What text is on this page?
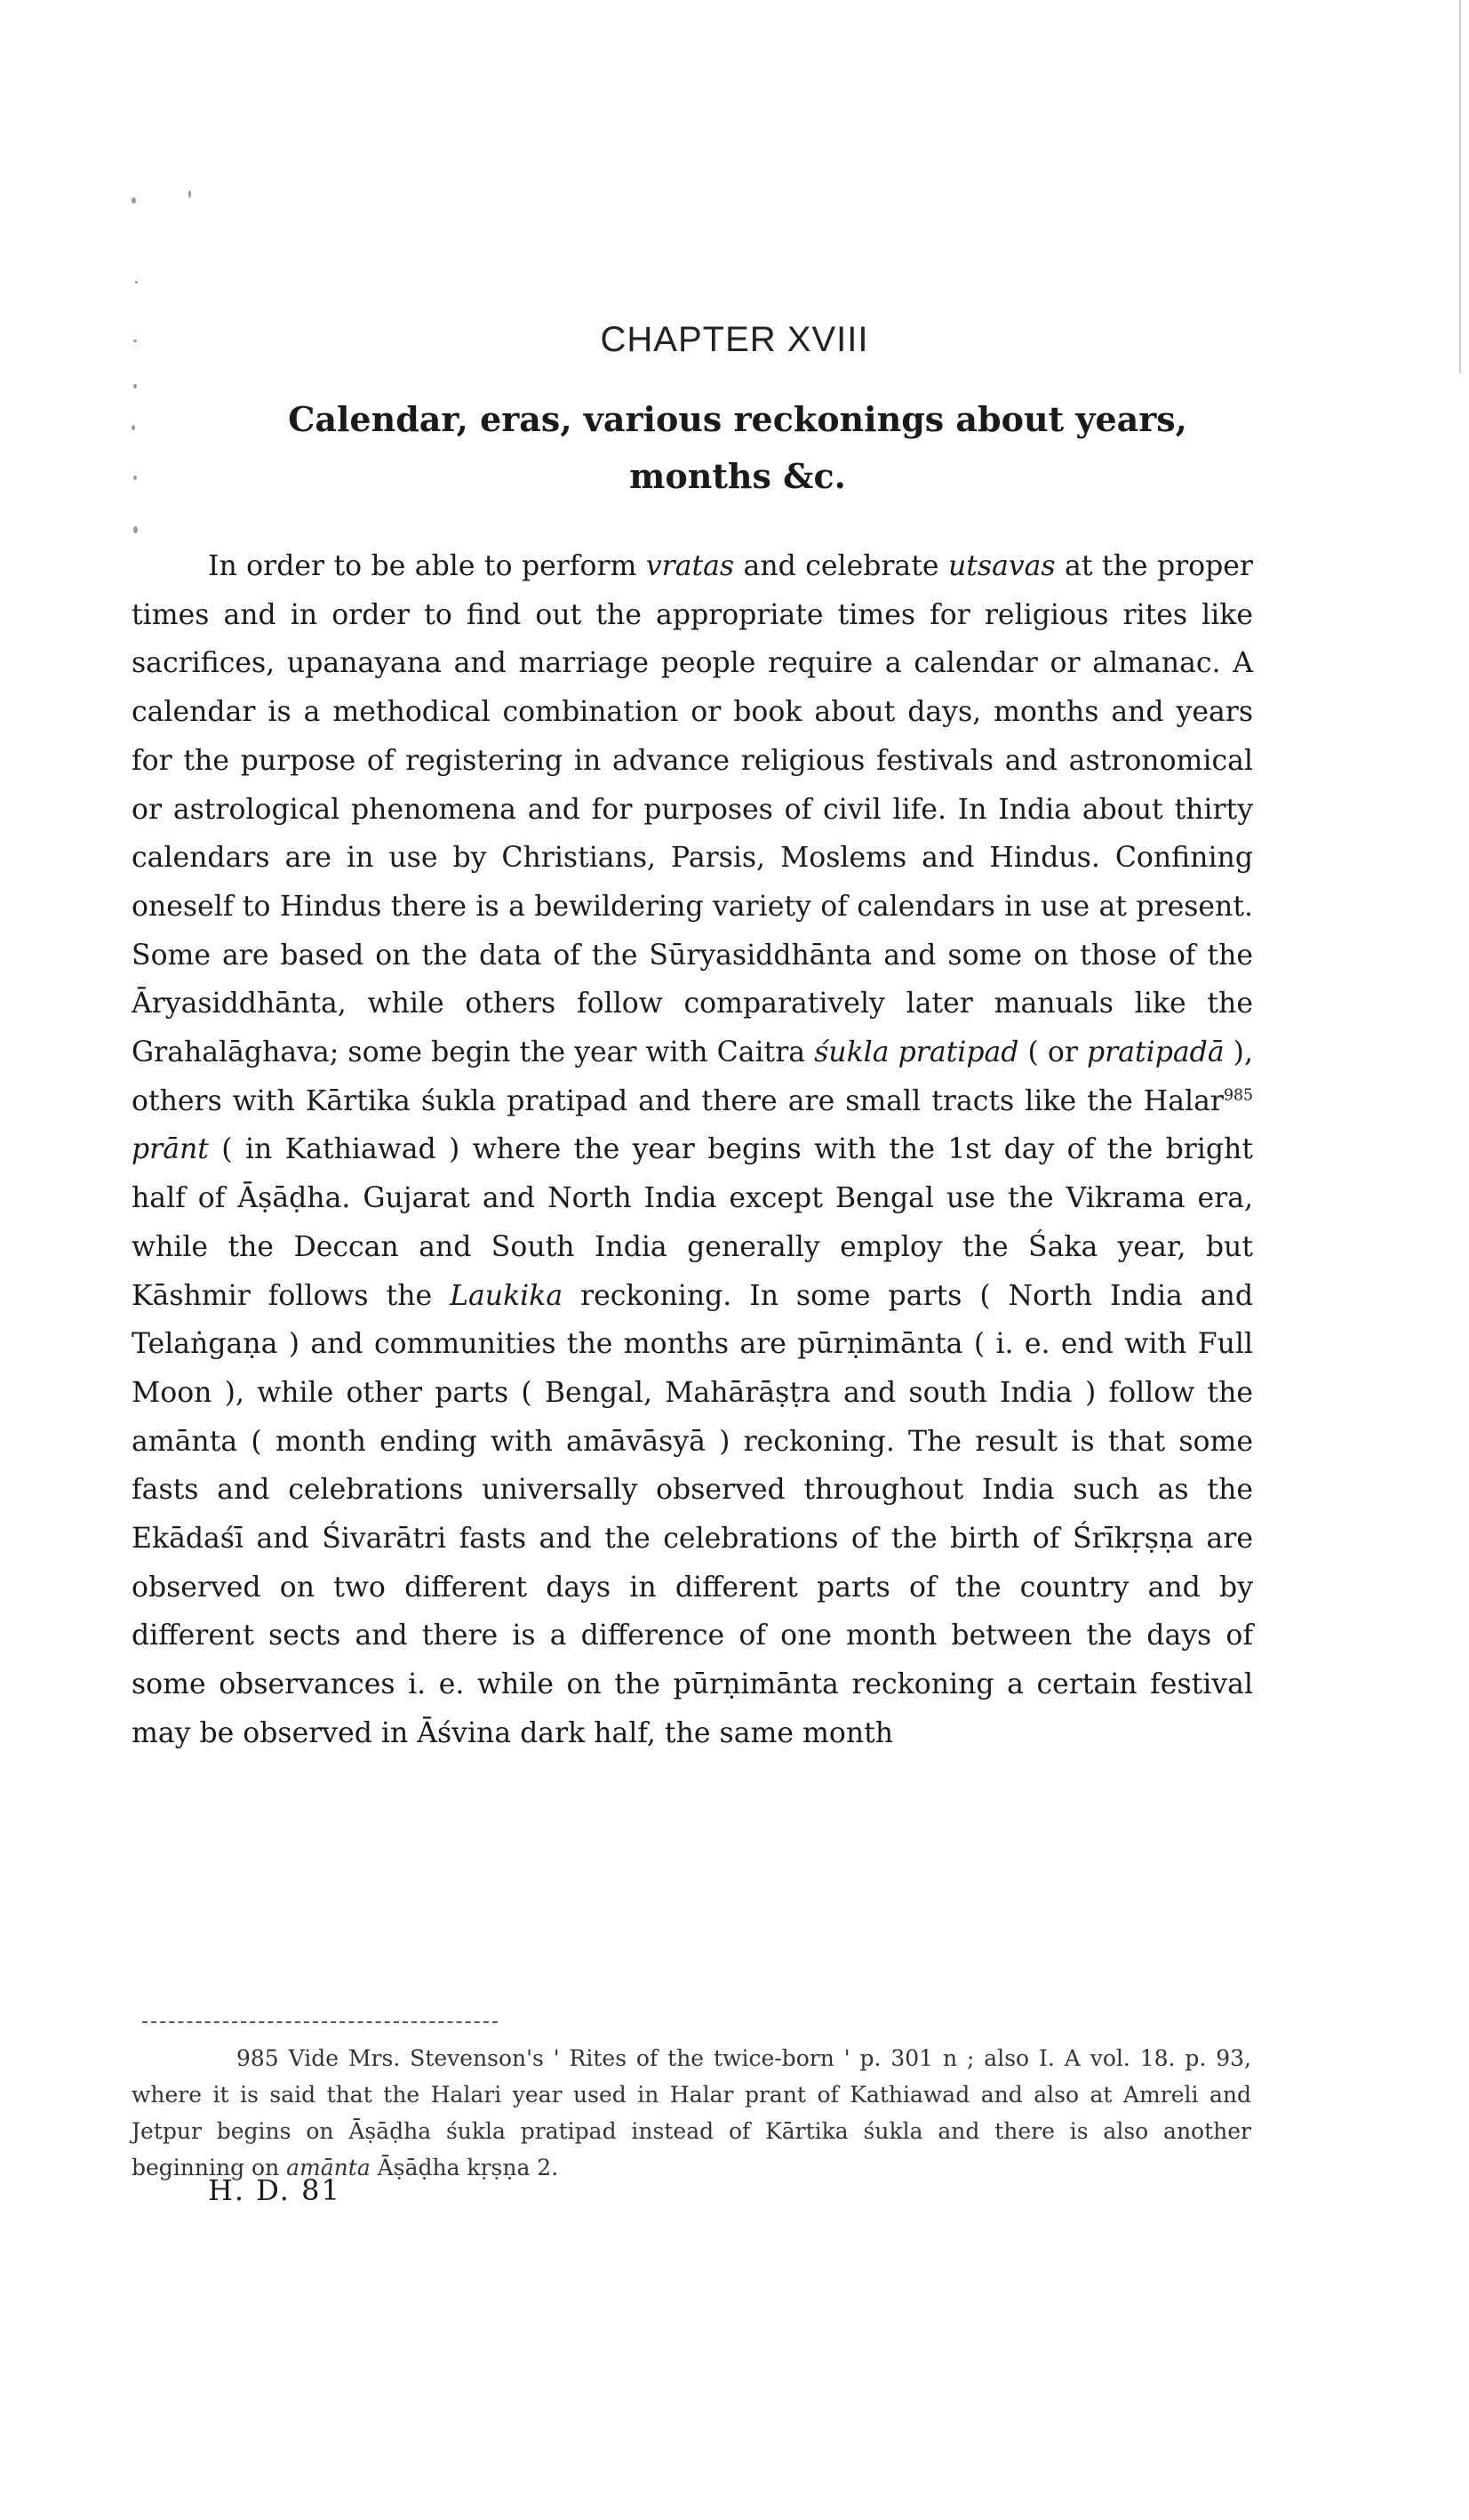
CHAPTER XVIII
Calendar, eras, various reckonings about years,
months &c.

In order to be able to perform vratas and celebrate utsavas at the proper times and in order to find out the appropriate times for religious rites like sacrifices, upanayana and marriage people require a calendar or almanac. A calendar is a methodical combination or book about days, months and years for the purpose of registering in advance religious festivals and astronomical or astrological phenomena and for purposes of civil life. In India about thirty calendars are in use by Christians, Parsis, Moslems and Hindus. Confining oneself to Hindus there is a bewildering variety of calendars in use at present. Some are based on the data of the Sūryasiddhānta and some on those of the Āryasiddhānta, while others follow comparatively later manuals like the Grahalāghava; some begin the year with Caitra śukla pratipad ( or pratipadā ), others with Kārtika śukla pratipad and there are small tracts like the Halar$^{985}$ prānt ( in Kathiawad ) where the year begins with the 1st day of the bright half of Āṣāḍha. Gujarat and North India except Bengal use the Vikrama era, while the Deccan and South India generally employ the Śaka year, but Kāshmir follows the Laukika reckoning. In some parts ( North India and Telaṅgaṇa ) and communities the months are pūrṇimānta ( i. e. end with Full Moon ), while other parts ( Bengal, Mahārāṣṭra and south India ) follow the amānta ( month ending with amāvāsyā ) reckoning. The result is that some fasts and celebrations universally observed throughout India such as the Ekādaśī and Śivarātri fasts and the celebrations of the birth of Śrīkṛṣṇa are observed on two different days in different parts of the country and by different sects and there is a difference of one month between the days of some observances i. e. while on the pūrṇimānta reckoning a certain festival may be observed in Āśvina dark half, the same month

985 Vide Mrs. Stevenson's ' Rites of the twice-born ' p. 301 n ; also I. A vol. 18. p. 93, where it is said that the Halari year used in Halar prant of Kathiawad and also at Amreli and Jetpur begins on Āṣāḍha śukla pratipad instead of Kārtika śukla and there is also another beginning on amānta Āṣāḍha kṛṣṇa 2.

H. D. 81
